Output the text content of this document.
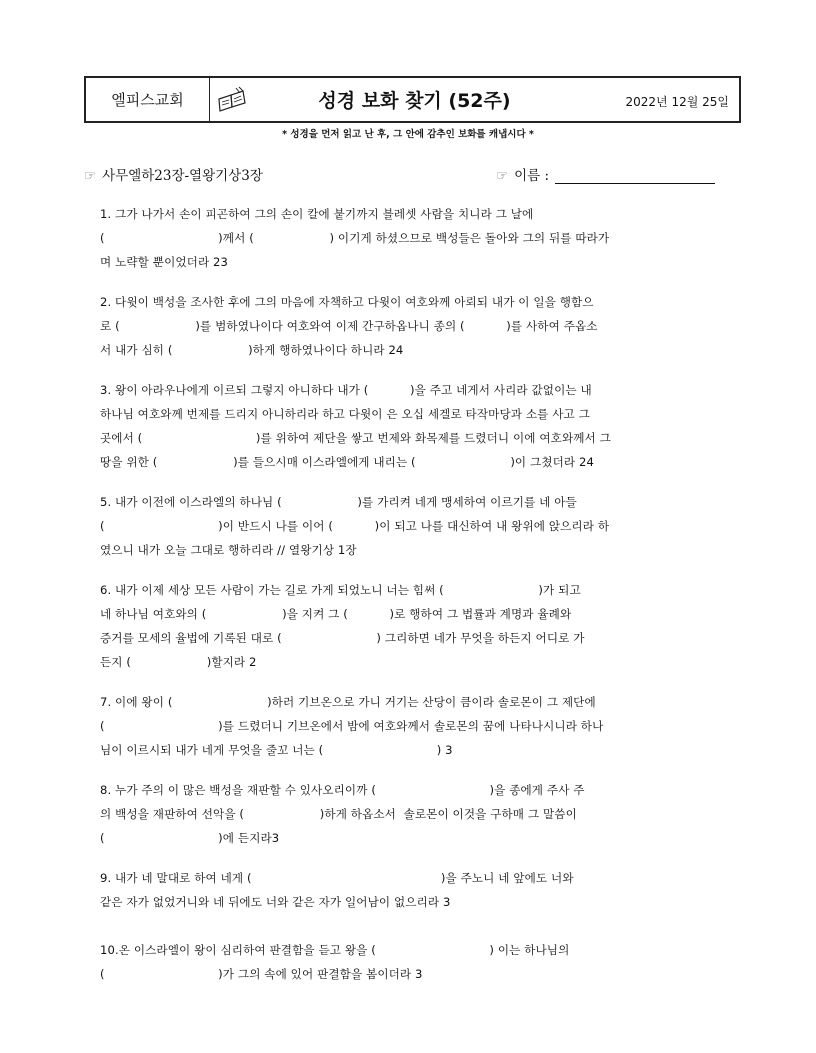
엘피스교회	성경 보화 찾기 (52주)	2022년 12월 25일
* 성경을 먼저 읽고 난 후, 그 안에 감추인 보화를 캐냅시다 *
☞ 사무엘하23장-열왕기상3장	☞ 이름 :
1. 그가 나가서 손이 피곤하여 그의 손이 칼에 붙기까지 블레셋 사람을 치니라 그 날에
(                              )께서 (                    ) 이기게 하셨으므로 백성들은 돌아와 그의 뒤를 따라가
며 노략할 뿐이었더라 23
2. 다윗이 백성을 조사한 후에 그의 마음에 자책하고 다윗이 여호와께 아뢰되 내가 이 일을 행함으
로 (                    )를 범하였나이다 여호와여 이제 간구하옵나니 종의 (           )를 사하여 주옵소
서 내가 심히 (                    )하게 행하였나이다 하니라 24
3. 왕이 아라우나에게 이르되 그렇지 아니하다 내가 (           )을 주고 네게서 사리라 값없이는 내
하나님 여호와께 번제를 드리지 아니하리라 하고 다윗이 은 오십 세겔로 타작마당과 소를 사고 그
곳에서 (                              )를 위하여 제단을 쌓고 번제와 화목제를 드렸더니 이에 여호와께서 그
땅을 위한 (                    )를 들으시매 이스라엘에게 내리는 (                         )이 그쳤더라 24
5. 내가 이전에 이스라엘의 하나님 (                    )를 가리켜 네게 맹세하여 이르기를 네 아들
(                              )이 반드시 나를 이어 (           )이 되고 나를 대신하여 내 왕위에 앉으리라 하
였으니 내가 오늘 그대로 행하리라 // 열왕기상 1장
6. 내가 이제 세상 모든 사람이 가는 길로 가게 되었노니 너는 힘써 (                         )가 되고
네 하나님 여호와의 (                    )을 지켜 그 (           )로 행하여 그 법률과 계명과 율례와
증거를 모세의 율법에 기록된 대로 (                         ) 그리하면 네가 무엇을 하든지 어디로 가
든지 (                    )할지라 2
7. 이에 왕이 (                         )하러 기브온으로 가니 거기는 산당이 큼이라 솔로몬이 그 제단에
(                              )를 드렸더니 기브온에서 밤에 여호와께서 솔로몬의 꿈에 나타나시니라 하나
님이 이르시되 내가 네게 무엇을 줄꼬 너는 (                              ) 3
8. 누가 주의 이 많은 백성을 재판할 수 있사오리이까 (                              )을 종에게 주사 주
의 백성을 재판하여 선악을 (                    )하게 하옵소서  솔로몬이 이것을 구하매 그 말씀이
(                              )에 든지라3
9. 내가 네 말대로 하여 네게 (                                                  )을 주노니 네 앞에도 너와
같은 자가 없었거니와 네 뒤에도 너와 같은 자가 일어남이 없으리라 3
10.온 이스라엘이 왕이 심리하여 판결함을 듣고 왕을 (                              ) 이는 하나님의
(                              )가 그의 속에 있어 판결함을 봄이더라 3
